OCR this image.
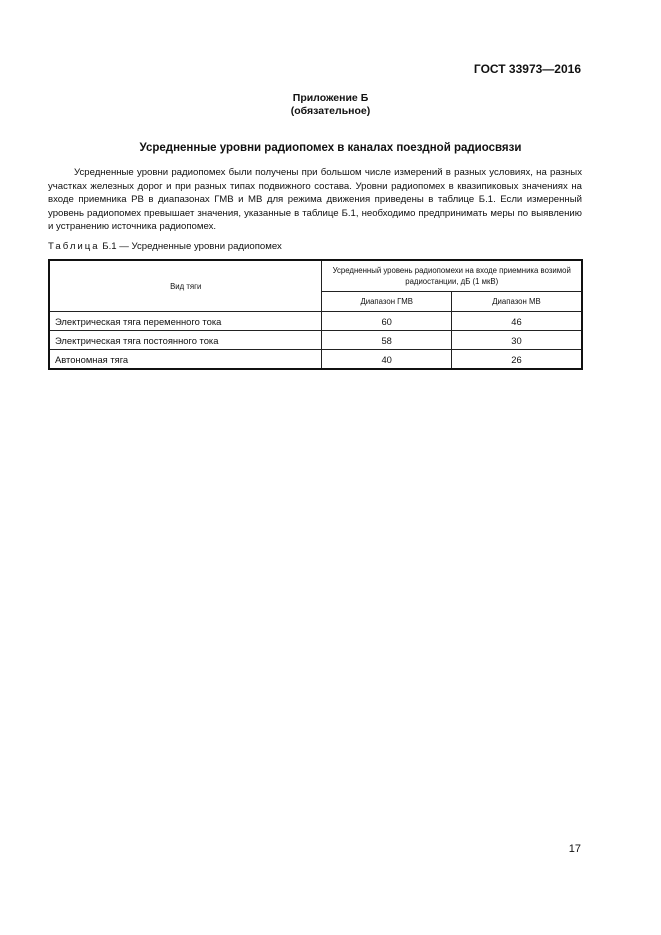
ГОСТ 33973—2016
Приложение Б
(обязательное)
Усредненные уровни радиопомех в каналах поездной радиосвязи

Усредненные уровни радиопомех были получены при большом числе измерений в разных условиях, на разных участках железных дорог и при разных типах подвижного состава. Уровни радиопомех в квазипиковых значениях на входе приемника РВ в диапазонах ГМВ и МВ для режима движения приведены в таблице Б.1. Если измеренный уровень радиопомех превышает значения, указанные в таблице Б.1, необходимо предпринимать меры по выявлению и устранению источника радиопомех.

Таблица Б.1 — Усредненные уровни радиопомех
Вид тяги	Усредненный уровень радиопомехи на входе приемника возимой радиостанции, дБ (1 мкВ)	
	Диапазон ГМВ	Диапазон МВ
Электрическая тяга переменного тока	60	46
Электрическая тяга постоянного тока	58	30
Автономная тяга	40	26
17
